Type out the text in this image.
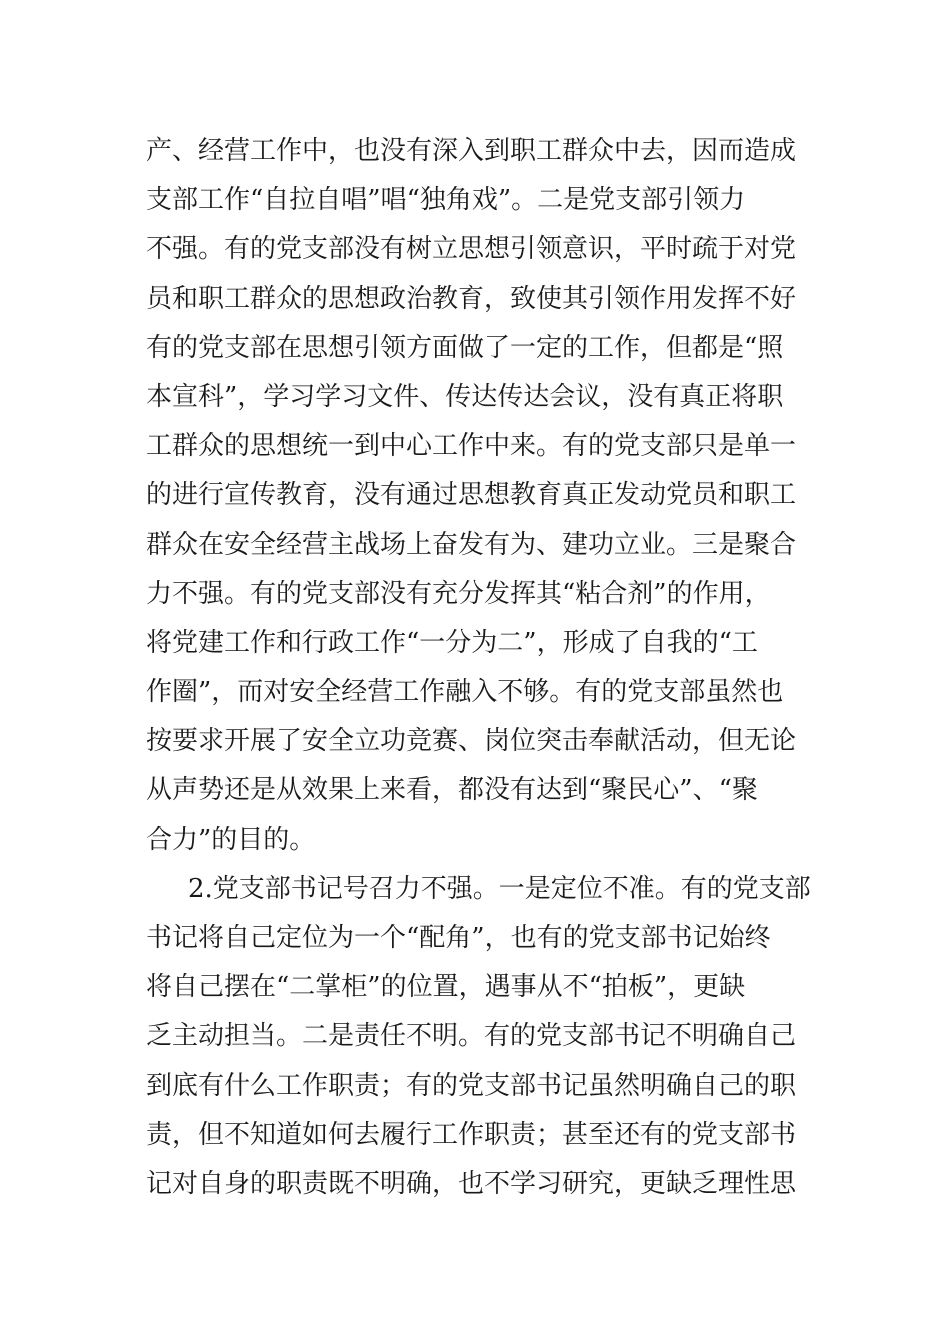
产、经营工作中，也没有深入到职工群众中去，因而造成
支部工作“自拉自唱”唱“独角戏”。二是党支部引领力
不强。有的党支部没有树立思想引领意识，平时疏于对党
员和职工群众的思想政治教育，致使其引领作用发挥不好
有的党支部在思想引领方面做了一定的工作，但都是“照
本宣科”，学习学习文件、传达传达会议，没有真正将职
工群众的思想统一到中心工作中来。有的党支部只是单一
的进行宣传教育，没有通过思想教育真正发动党员和职工
群众在安全经营主战场上奋发有为、建功立业。三是聚合
力不强。有的党支部没有充分发挥其“粘合剂”的作用，
将党建工作和行政工作“一分为二”，形成了自我的“工
作圈”，而对安全经营工作融入不够。有的党支部虽然也
按要求开展了安全立功竞赛、岗位突击奉献活动，但无论
从声势还是从效果上来看，都没有达到“聚民心”、“聚
合力”的目的。
2.党支部书记号召力不强。一是定位不准。有的党支部
书记将自己定位为一个“配角”，也有的党支部书记始终
将自己摆在“二掌柜”的位置，遇事从不“拍板”，更缺
乏主动担当。二是责任不明。有的党支部书记不明确自己
到底有什么工作职责；有的党支部书记虽然明确自己的职
责，但不知道如何去履行工作职责；甚至还有的党支部书
记对自身的职责既不明确，也不学习研究，更缺乏理性思
